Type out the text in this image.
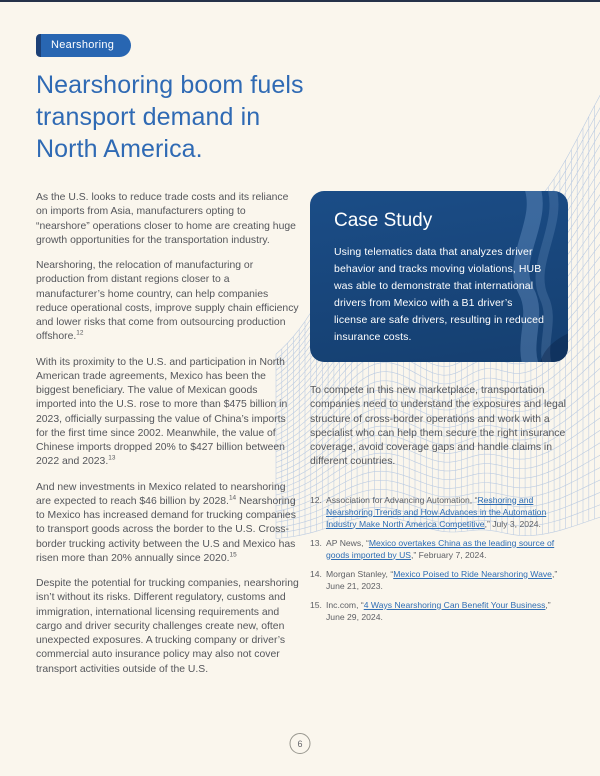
Nearshoring
Nearshoring boom fuels
transport demand in
North America.

As the U.S. looks to reduce trade costs and its reliance on imports from Asia, manufacturers opting to “nearshore” operations closer to home are creating huge growth opportunities for the transportation industry.

Nearshoring, the relocation of manufacturing or production from distant regions closer to a manufacturer’s home country, can help companies reduce operational costs, improve supply chain efficiency and lower risks that come from outsourcing production offshore.$^{12}$

With its proximity to the U.S. and participation in North American trade agreements, Mexico has been the biggest beneficiary. The value of Mexican goods imported into the U.S. rose to more than $475 billion in 2023, officially surpassing the value of China’s imports for the first time since 2002. Meanwhile, the value of Chinese imports dropped 20% to $427 billion between 2022 and 2023.13

And new investments in Mexico related to nearshoring are expected to reach $46 billion by 2028.14 Nearshoring to Mexico has increased demand for trucking companies to transport goods across the border to the U.S. Cross-border trucking activity between the U.S and Mexico has risen more than 20% annually since 2020.15

Despite the potential for trucking companies, nearshoring isn’t without its risks. Different regulatory, customs and immigration, international licensing requirements and cargo and driver security challenges create new, often unexpected exposures. A trucking company or driver’s commercial auto insurance policy may also not cover transport activities outside of the U.S.

Case Study

Using telematics data that analyzes driver behavior and tracks moving violations, HUB was able to demonstrate that international drivers from Mexico with a B1 driver’s license are safe drivers, resulting in reduced insurance costs.

To compete in this new marketplace, transportation companies need to understand the exposures and legal structure of cross-border operations and work with a specialist who can help them secure the right insurance coverage, avoid coverage gaps and handle claims in different countries.

12. Association for Advancing Automation, “Reshoring and Nearshoring Trends and How Advances in the Automation Industry Make North America Competitive,” July 3, 2024.
13. AP News, “Mexico overtakes China as the leading source of goods imported by US,” February 7, 2024.
14. Morgan Stanley, “Mexico Poised to Ride Nearshoring Wave,” June 21, 2023.
15. Inc.com, “4 Ways Nearshoring Can Benefit Your Business,” June 29, 2024.
6
